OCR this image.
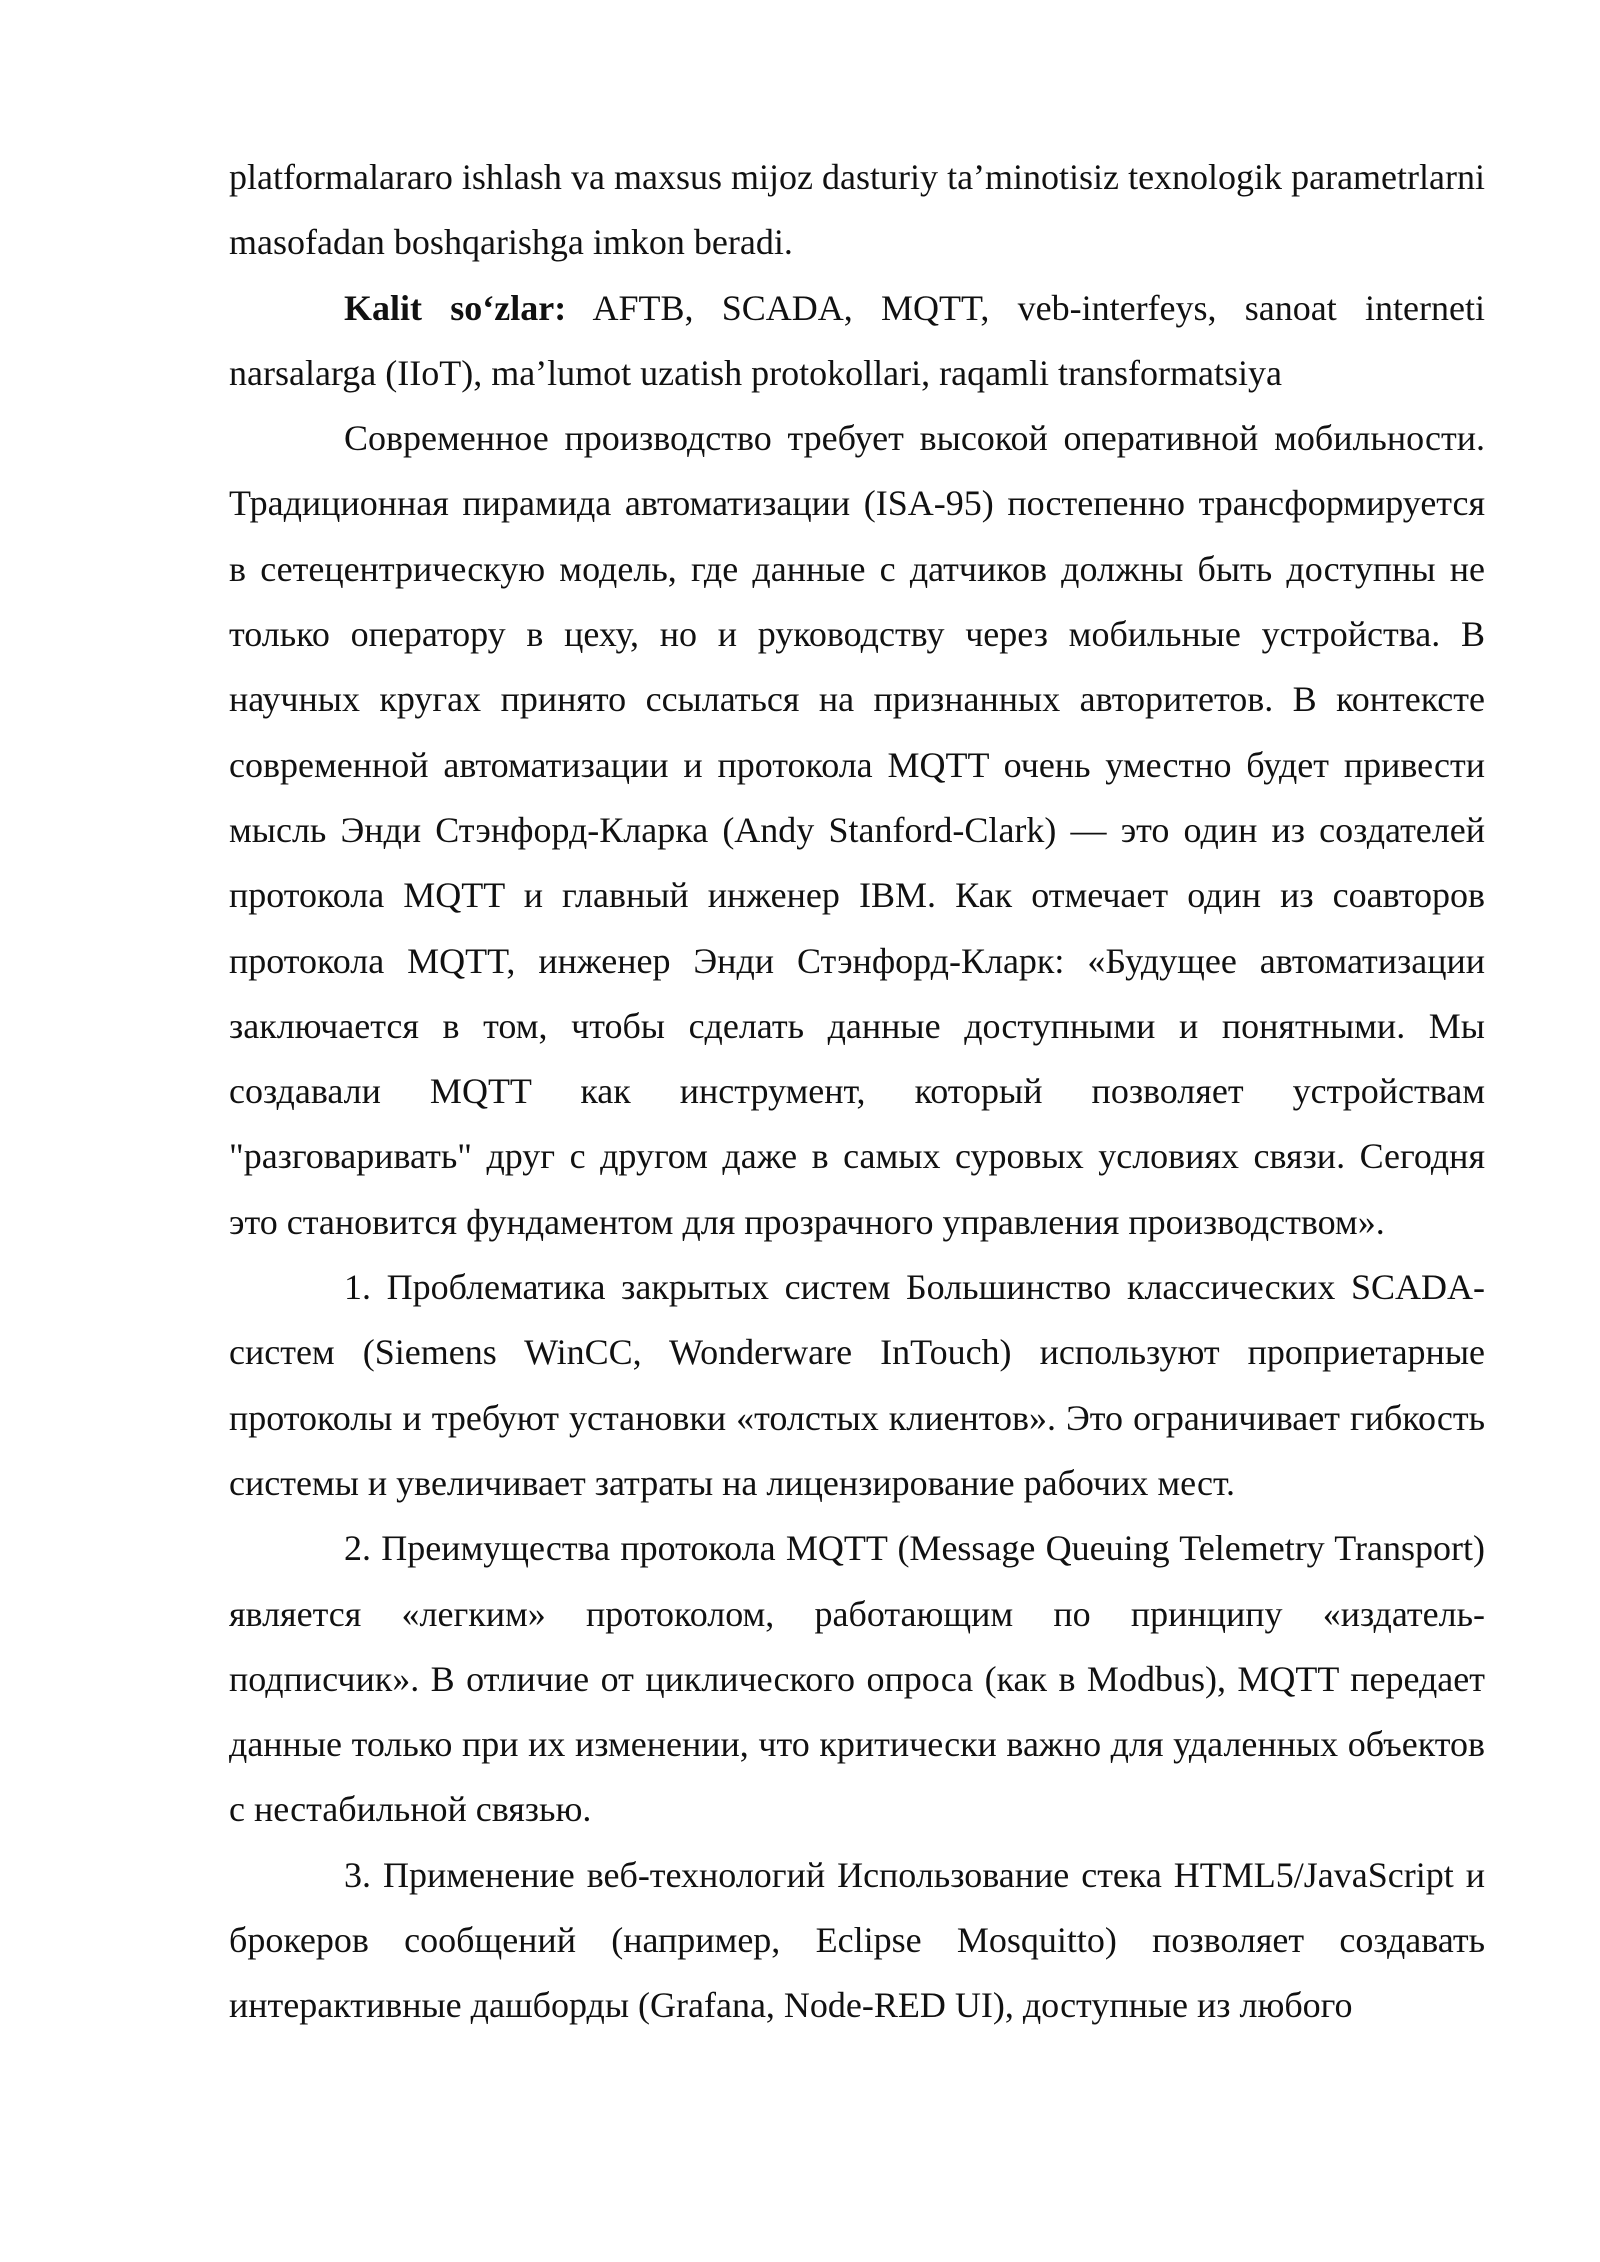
platformalararo ishlash va maxsus mijoz dasturiy ta’minotisiz texnologik parametrlarni masofadan boshqarishga imkon beradi.

Kalit so‘zlar: AFTB, SCADA, MQTT, veb-interfeys, sanoat interneti narsalarga (IIoT), ma’lumot uzatish protokollari, raqamli transformatsiya

Современное производство требует высокой оперативной мобильности. Традиционная пирамида автоматизации (ISA-95) постепенно трансформируется в сетецентрическую модель, где данные с датчиков должны быть доступны не только оператору в цеху, но и руководству через мобильные устройства. В научных кругах принято ссылаться на признанных авторитетов. В контексте современной автоматизации и протокола MQTT очень уместно будет привести мысль Энди Стэнфорд-Кларка (Andy Stanford-Clark) — это один из создателей протокола MQTT и главный инженер IBM. Как отмечает один из соавторов протокола MQTT, инженер Энди Стэнфорд-Кларк: «Будущее автоматизации заключается в том, чтобы сделать данные доступными и понятными. Мы создавали MQTT как инструмент, который позволяет устройствам "разговаривать" друг с другом даже в самых суровых условиях связи. Сегодня это становится фундаментом для прозрачного управления производством».

1. Проблематика закрытых систем Большинство классических SCADA-систем (Siemens WinCC, Wonderware InTouch) используют проприетарные протоколы и требуют установки «толстых клиентов». Это ограничивает гибкость системы и увеличивает затраты на лицензирование рабочих мест.

2. Преимущества протокола MQTT (Message Queuing Telemetry Transport) является «легким» протоколом, работающим по принципу «издатель-подписчик». В отличие от циклического опроса (как в Modbus), MQTT передает данные только при их изменении, что критически важно для удаленных объектов с нестабильной связью.

3. Применение веб-технологий Использование стека HTML5/JavaScript и брокеров сообщений (например, Eclipse Mosquitto) позволяет создавать интерактивные дашборды (Grafana, Node-RED UI), доступные из любого
